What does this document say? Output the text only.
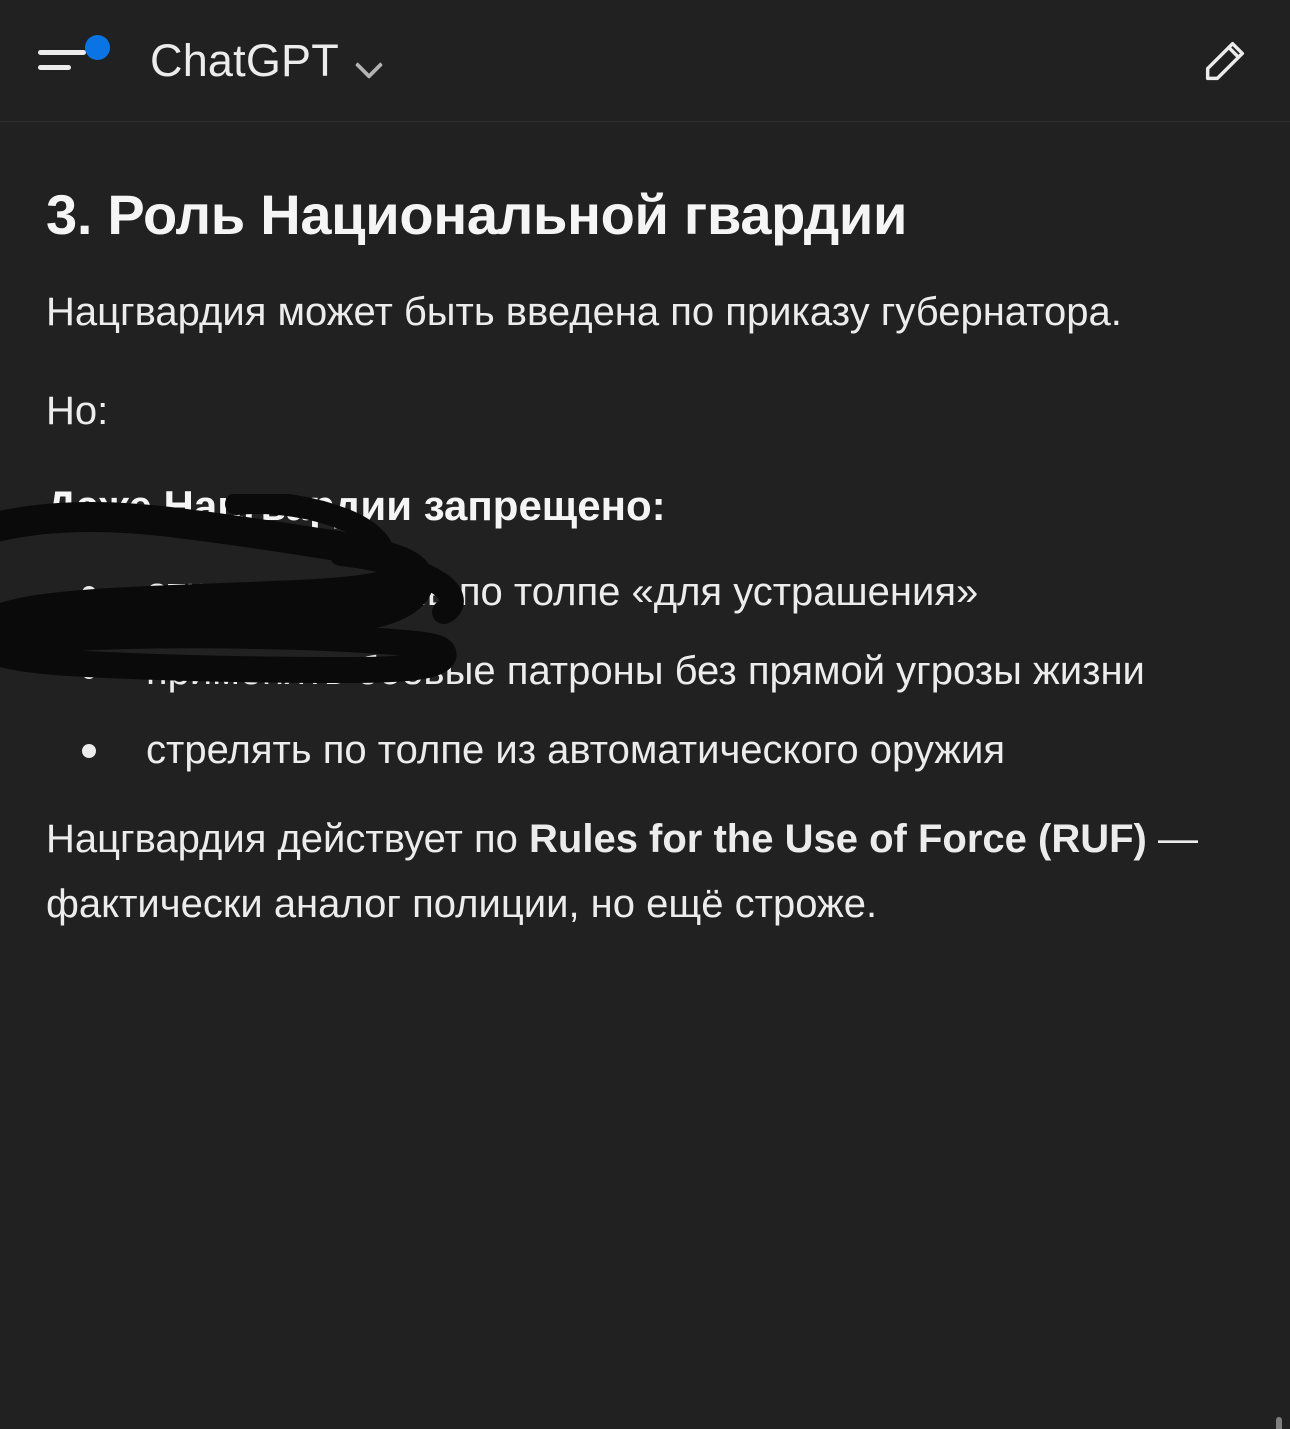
ChatGPT
3. Роль Национальной гвардии

Нацгвардия может быть введена по приказу губернатора.

Но:

Даже Нацгвардии запрещено:
открывать огонь по толпе «для устрашения»
применять боевые патроны без прямой угрозы жизни
стрелять по толпе из автоматического оружия

Нацгвардия действует по Rules for the Use of Force (RUF) — фактически аналог полиции, но ещё строже.
